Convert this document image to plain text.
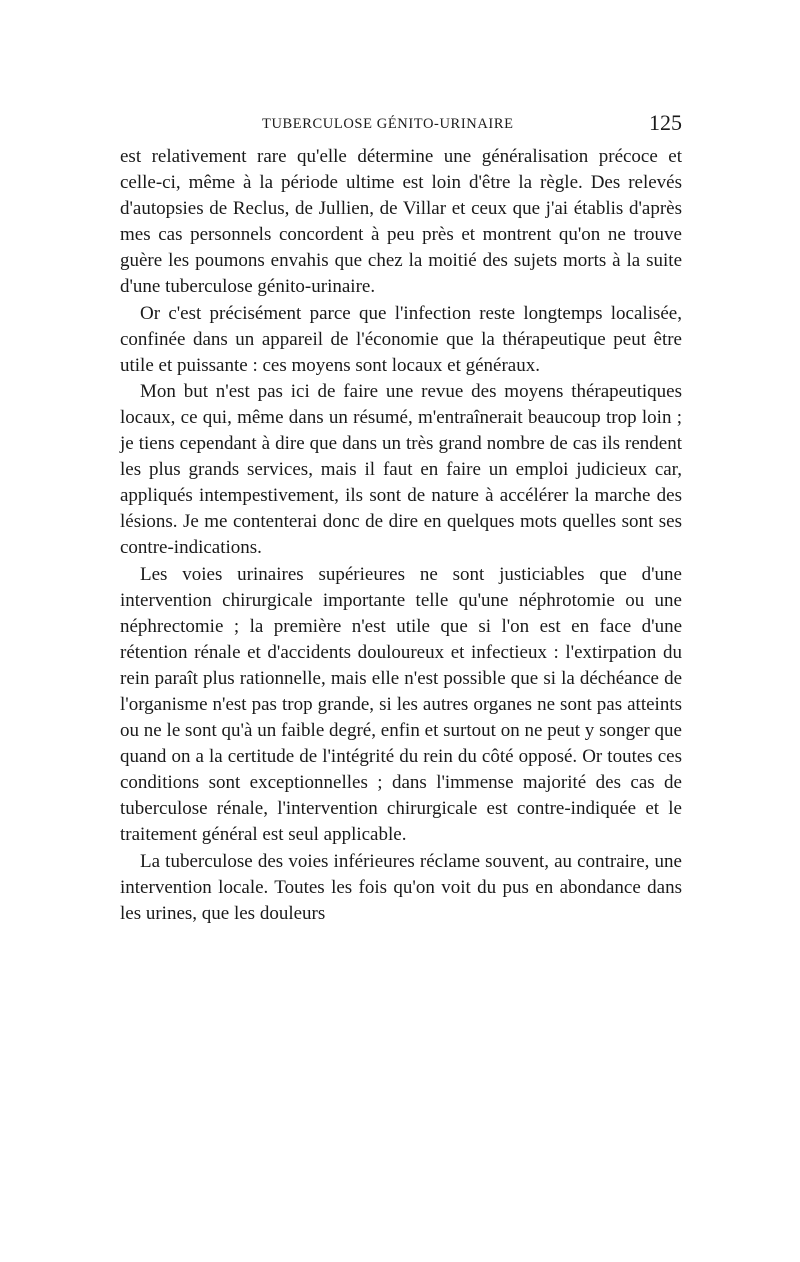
TUBERCULOSE GÉNITO-URINAIRE	125

est relativement rare qu'elle détermine une généralisation précoce et celle-ci, même à la période ultime est loin d'être la règle. Des relevés d'autopsies de Reclus, de Jullien, de Villar et ceux que j'ai établis d'après mes cas personnels concordent à peu près et montrent qu'on ne trouve guère les poumons envahis que chez la moitié des sujets morts à la suite d'une tuberculose génito-urinaire.

Or c'est précisément parce que l'infection reste longtemps localisée, confinée dans un appareil de l'économie que la thérapeutique peut être utile et puissante : ces moyens sont locaux et généraux.

Mon but n'est pas ici de faire une revue des moyens thérapeutiques locaux, ce qui, même dans un résumé, m'entraînerait beaucoup trop loin ; je tiens cependant à dire que dans un très grand nombre de cas ils rendent les plus grands services, mais il faut en faire un emploi judicieux car, appliqués intempestivement, ils sont de nature à accélérer la marche des lésions. Je me contenterai donc de dire en quelques mots quelles sont ses contre-indications.

Les voies urinaires supérieures ne sont justiciables que d'une intervention chirurgicale importante telle qu'une néphrotomie ou une néphrectomie ; la première n'est utile que si l'on est en face d'une rétention rénale et d'accidents douloureux et infectieux : l'extirpation du rein paraît plus rationnelle, mais elle n'est possible que si la déchéance de l'organisme n'est pas trop grande, si les autres organes ne sont pas atteints ou ne le sont qu'à un faible degré, enfin et surtout on ne peut y songer que quand on a la certitude de l'intégrité du rein du côté opposé. Or toutes ces conditions sont exceptionnelles ; dans l'immense majorité des cas de tuberculose rénale, l'intervention chirurgicale est contre-indiquée et le traitement général est seul applicable.

La tuberculose des voies inférieures réclame souvent, au contraire, une intervention locale. Toutes les fois qu'on voit du pus en abondance dans les urines, que les douleurs
